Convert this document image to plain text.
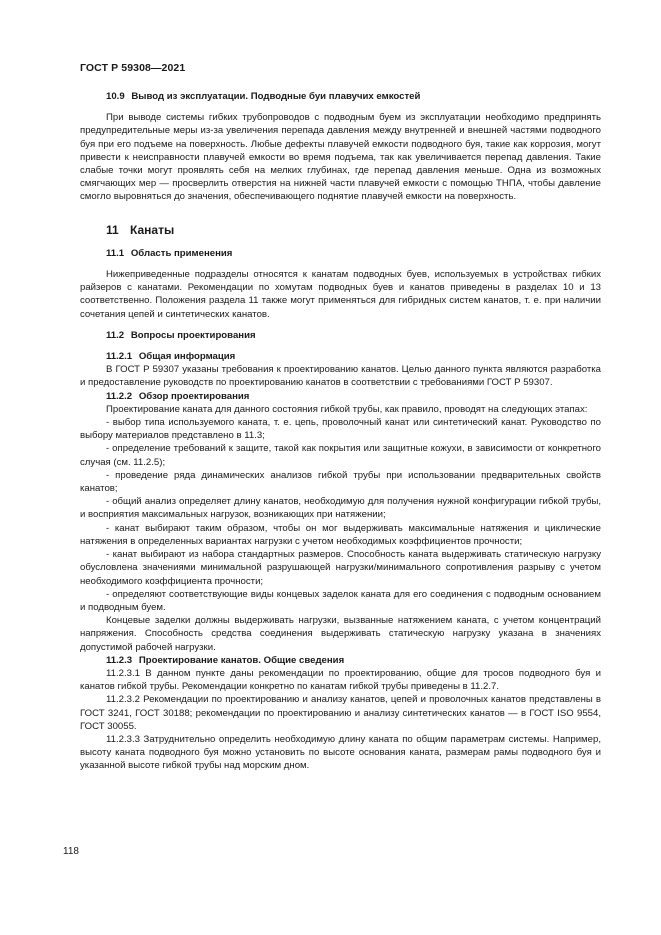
ГОСТ Р 59308—2021
10.9 Вывод из эксплуатации. Подводные буи плавучих емкостей

При выводе системы гибких трубопроводов с подводным буем из эксплуатации необходимо предпринять предупредительные меры из-за увеличения перепада давления между внутренней и внешней частями подводного буя при его подъеме на поверхность. Любые дефекты плавучей емкости подводного буя, такие как коррозия, могут привести к неисправности плавучей емкости во время подъема, так как увеличивается перепад давления. Такие слабые точки могут проявлять себя на мелких глубинах, где перепад давления меньше. Одна из возможных смягчающих мер — просверлить отверстия на нижней части плавучей емкости с помощью ТНПА, чтобы давление смогло выровняться до значения, обеспечивающего поднятие плавучей емкости на поверхность.

11 Канаты
11.1 Область применения

Нижеприведенные подразделы относятся к канатам подводных буев, используемых в устройствах гибких райзеров с канатами. Рекомендации по хомутам подводных буев и канатов приведены в разделах 10 и 13 соответственно. Положения раздела 11 также могут применяться для гибридных систем канатов, т. е. при наличии сочетания цепей и синтетических канатов.

11.2 Вопросы проектирования
11.2.1 Общая информация

В ГОСТ Р 59307 указаны требования к проектированию канатов. Целью данного пункта являются разработка и предоставление руководств по проектированию канатов в соответствии с требованиями ГОСТ Р 59307.

11.2.2 Обзор проектирования

Проектирование каната для данного состояния гибкой трубы, как правило, проводят на следующих этапах:

- выбор типа используемого каната, т. е. цепь, проволочный канат или синтетический канат. Руководство по выбору материалов представлено в 11.3;

- определение требований к защите, такой как покрытия или защитные кожухи, в зависимости от конкретного случая (см. 11.2.5);

- проведение ряда динамических анализов гибкой трубы при использовании предварительных свойств канатов;

- общий анализ определяет длину канатов, необходимую для получения нужной конфигурации гибкой трубы, и восприятия максимальных нагрузок, возникающих при натяжении;

- канат выбирают таким образом, чтобы он мог выдерживать максимальные натяжения и циклические натяжения в определенных вариантах нагрузки с учетом необходимых коэффициентов прочности;

- канат выбирают из набора стандартных размеров. Способность каната выдерживать статическую нагрузку обусловлена значениями минимальной разрушающей нагрузки/минимального сопротивления разрыву с учетом необходимого коэффициента прочности;

- определяют соответствующие виды концевых заделок каната для его соединения с подводным основанием и подводным буем.

Концевые заделки должны выдерживать нагрузки, вызванные натяжением каната, с учетом концентраций напряжения. Способность средства соединения выдерживать статическую нагрузку указана в значениях допустимой рабочей нагрузки.

11.2.3 Проектирование канатов. Общие сведения

11.2.3.1 В данном пункте даны рекомендации по проектированию, общие для тросов подводного буя и канатов гибкой трубы. Рекомендации конкретно по канатам гибкой трубы приведены в 11.2.7.

11.2.3.2 Рекомендации по проектированию и анализу канатов, цепей и проволочных канатов представлены в ГОСТ 3241, ГОСТ 30188; рекомендации по проектированию и анализу синтетических канатов — в ГОСТ ISO 9554, ГОСТ 30055.

11.2.3.3 Затруднительно определить необходимую длину каната по общим параметрам системы. Например, высоту каната подводного буя можно установить по высоте основания каната, размерам рамы подводного буя и указанной высоте гибкой трубы над морским дном.

118
